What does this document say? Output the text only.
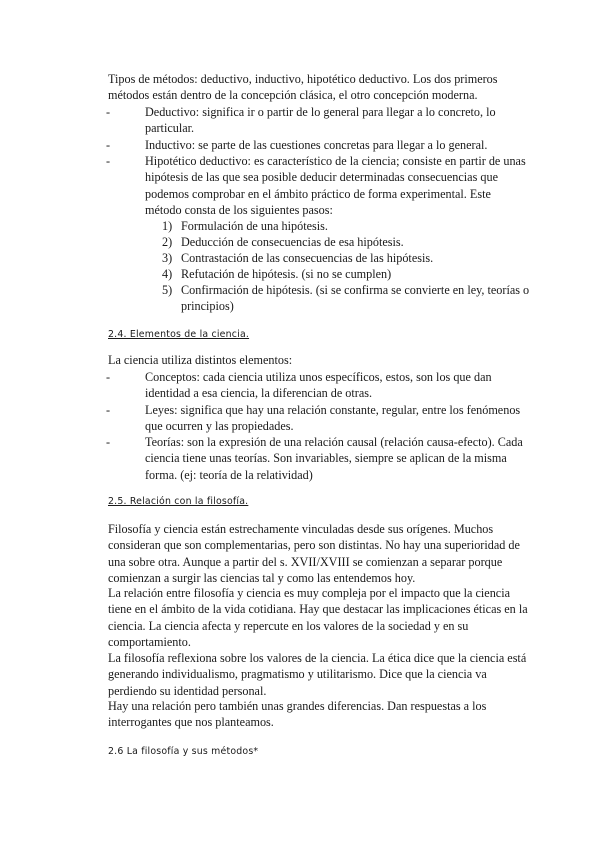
Tipos de métodos: deductivo, inductivo, hipotético deductivo. Los dos primeros métodos están dentro de la concepción clásica, el otro concepción moderna.

-	Deductivo: significa ir o partir de lo general para llegar a lo concreto, lo particular.
-	Inductivo: se parte de las cuestiones concretas para llegar a lo general.
-	Hipotético deductivo: es característico de la ciencia; consiste en partir de unas hipótesis de las que sea posible deducir determinadas consecuencias que podemos comprobar en el ámbito práctico de forma experimental. Este método consta de los siguientes pasos:
1) Formulación de una hipótesis.
2) Deducción de consecuencias de esa hipótesis.
3) Contrastación de las consecuencias de las hipótesis.
4) Refutación de hipótesis. (si no se cumplen)
5) Confirmación de hipótesis. (si se confirma se convierte en ley, teorías o principios)

2.4. Elementos de la ciencia.

La ciencia utiliza distintos elementos:

-	Conceptos: cada ciencia utiliza unos específicos, estos, son los que dan identidad a esa ciencia, la diferencian de otras.
-	Leyes: significa que hay una relación constante, regular, entre los fenómenos que ocurren y las propiedades.
-	Teorías: son la expresión de una relación causal (relación causa-efecto). Cada ciencia tiene unas teorías. Son invariables, siempre se aplican de la misma forma. (ej: teoría de la relatividad)

2.5. Relación con la filosofía.

Filosofía y ciencia están estrechamente vinculadas desde sus orígenes. Muchos consideran que son complementarias, pero son distintas. No hay una superioridad de una sobre otra. Aunque a partir del s. XVII/XVIII se comienzan a separar porque comienzan a surgir las ciencias tal y como las entendemos hoy.

La relación entre filosofía y ciencia es muy compleja por el impacto que la ciencia tiene en el ámbito de la vida cotidiana. Hay que destacar las implicaciones éticas en la ciencia. La ciencia afecta y repercute en los valores de la sociedad y en su comportamiento.

La filosofía reflexiona sobre los valores de la ciencia. La ética dice que la ciencia está generando individualismo, pragmatismo y utilitarismo. Dice que la ciencia va perdiendo su identidad personal.

Hay una relación pero también unas grandes diferencias. Dan respuestas a los interrogantes que nos planteamos.

2.6 La filosofía y sus métodos*
